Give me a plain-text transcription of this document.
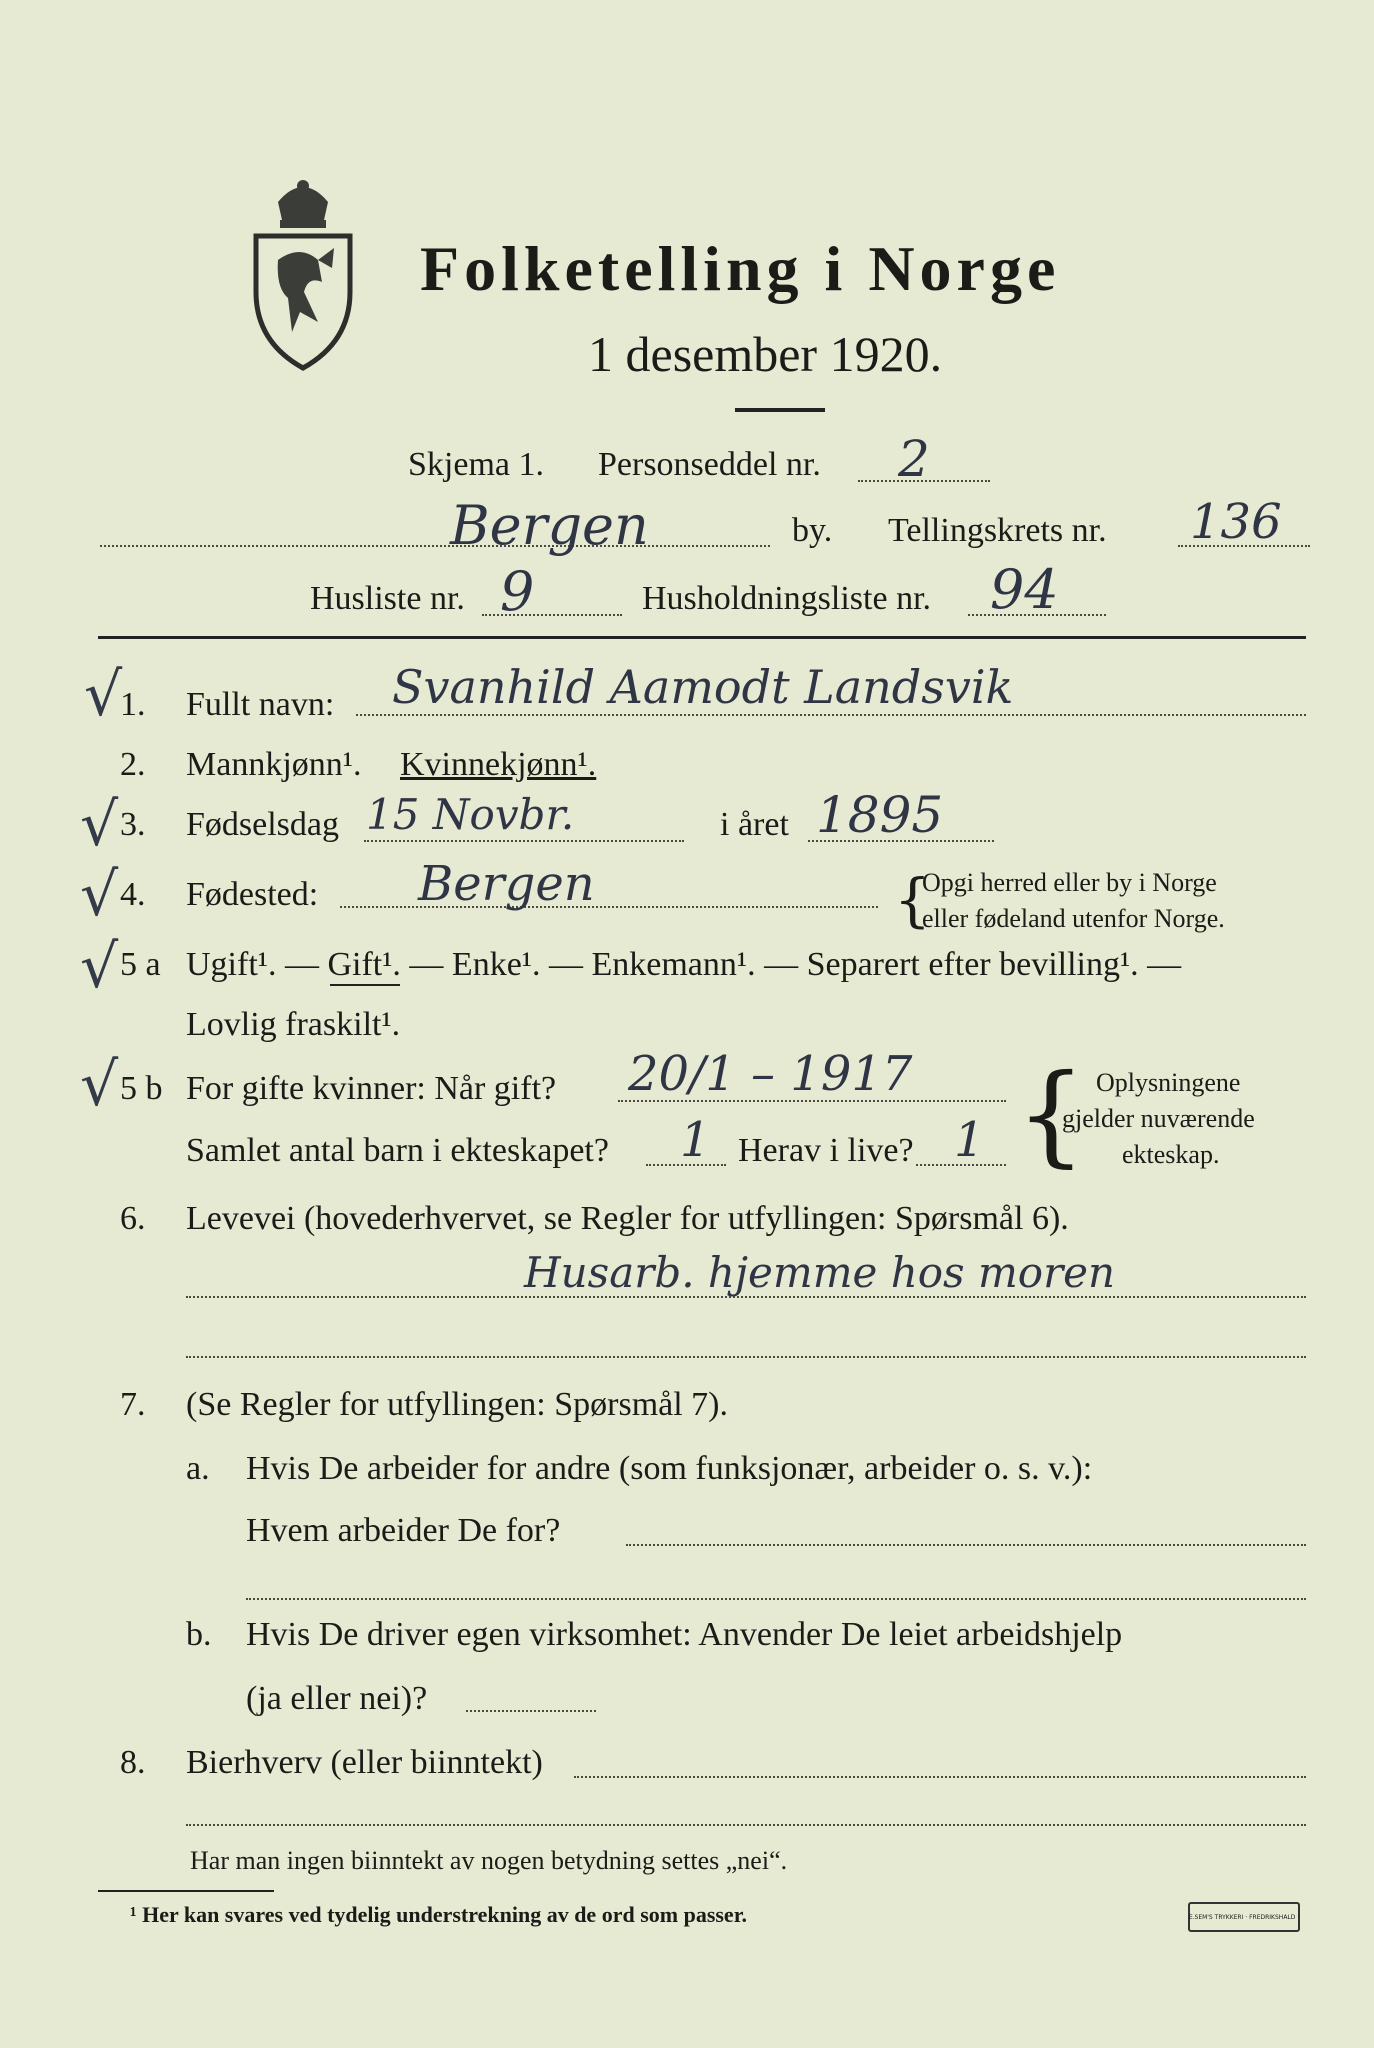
Folketelling i Norge
1 desember 1920.
Skjema 1. Personseddel nr. 2
Bergen	by. Tellingskrets nr. 136
Husliste nr. 9	Husholdningsliste nr. 94
√
1. Fullt navn: Svanhild Aamodt Landsvik
2. Mannkjønn¹. Kvinnekjønn¹.
√ 3. Fødselsdag 15 Novbr.	i året 1895
√ 4. Fødested: Bergen	{
Opgi herred eller by i Norge
eller fødeland utenfor Norge.
√ 5 a Ugift¹. — Gift¹. — Enke¹. — Enkemann¹. — Separert efter bevilling¹. —
Lovlig fraskilt¹.
√ 5 b For gifte kvinner: Når gift? 20/1 – 1917
Samlet antal barn i ekteskapet? 1 Herav i live? 1 { Oplysningene
gjelder nuværende
ekteskap.
6. Levevei (hovederhvervet, se Regler for utfyllingen: Spørsmål 6).
Husarb. hjemme hos moren
7. (Se Regler for utfyllingen: Spørsmål 7).
a. Hvis De arbeider for andre (som funksjonær, arbeider o. s. v.):
Hvem arbeider De for?
b. Hvis De driver egen virksomhet: Anvender De leiet arbeidshjelp
(ja eller nei)?
8. Bierhverv (eller biinntekt)
Har man ingen biinntekt av nogen betydning settes „nei“.
¹ Her kan svares ved tydelig understrekning av de ord som passer.	E.SEM'S TRYKKERI · FREDRIKSHALD ·
